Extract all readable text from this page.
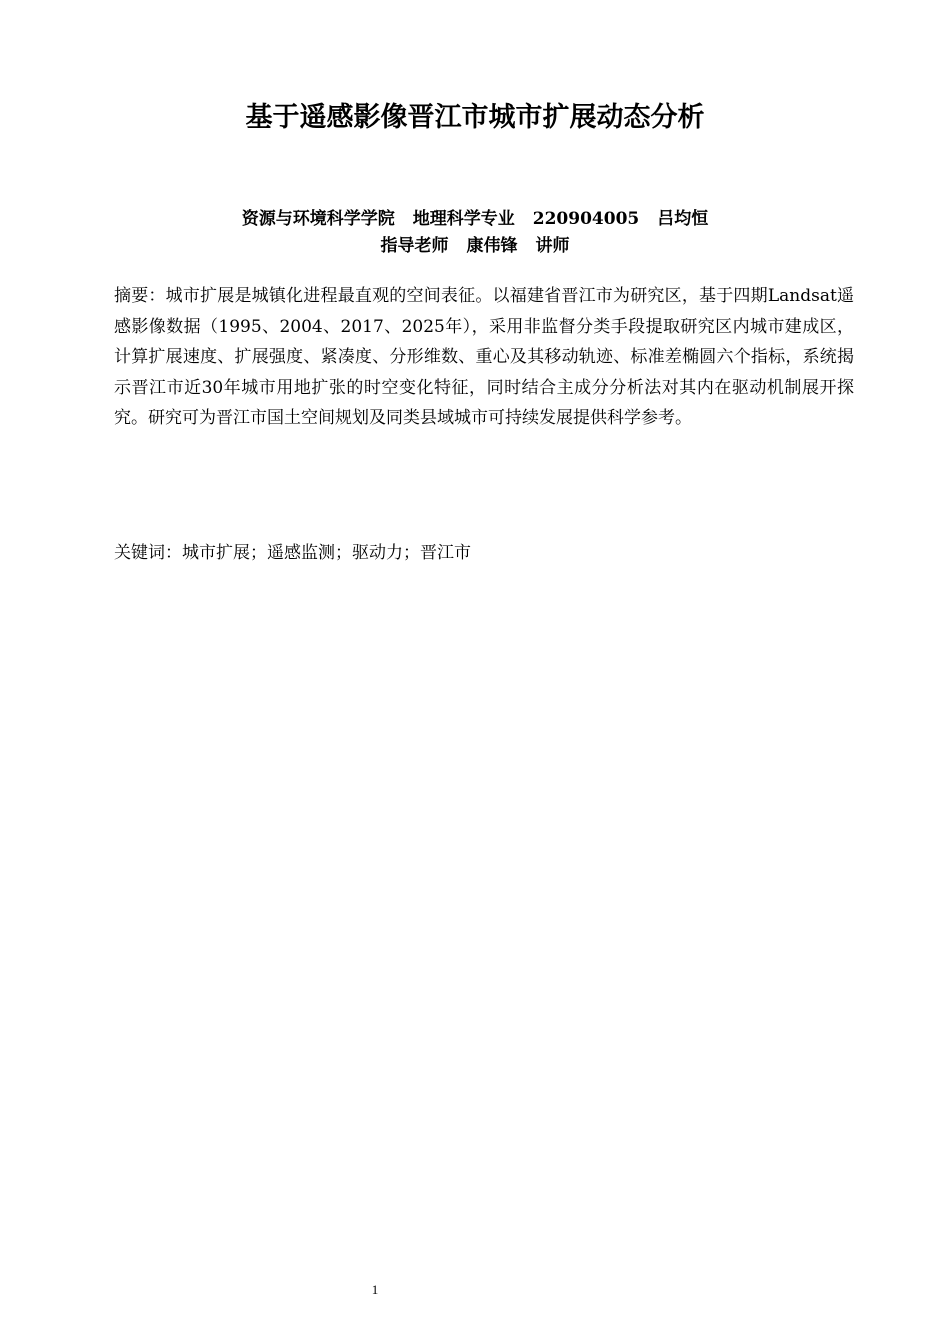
基于遥感影像晋江市城市扩展动态分析
资源与环境科学学院 地理科学专业 220904005 吕均恒
指导老师 康伟锋 讲师

摘要：城市扩展是城镇化进程最直观的空间表征。以福建省晋江市为研究区，基于四期Landsat遥感影像数据（1995、2004、2017、2025年），采用非监督分类手段提取研究区内城市建成区，计算扩展速度、扩展强度、紧凑度、分形维数、重心及其移动轨迹、标准差椭圆六个指标，系统揭示晋江市近30年城市用地扩张的时空变化特征，同时结合主成分分析法对其内在驱动机制展开探究。研究可为晋江市国土空间规划及同类县域城市可持续发展提供科学参考。

关键词：城市扩展；遥感监测；驱动力；晋江市

1
